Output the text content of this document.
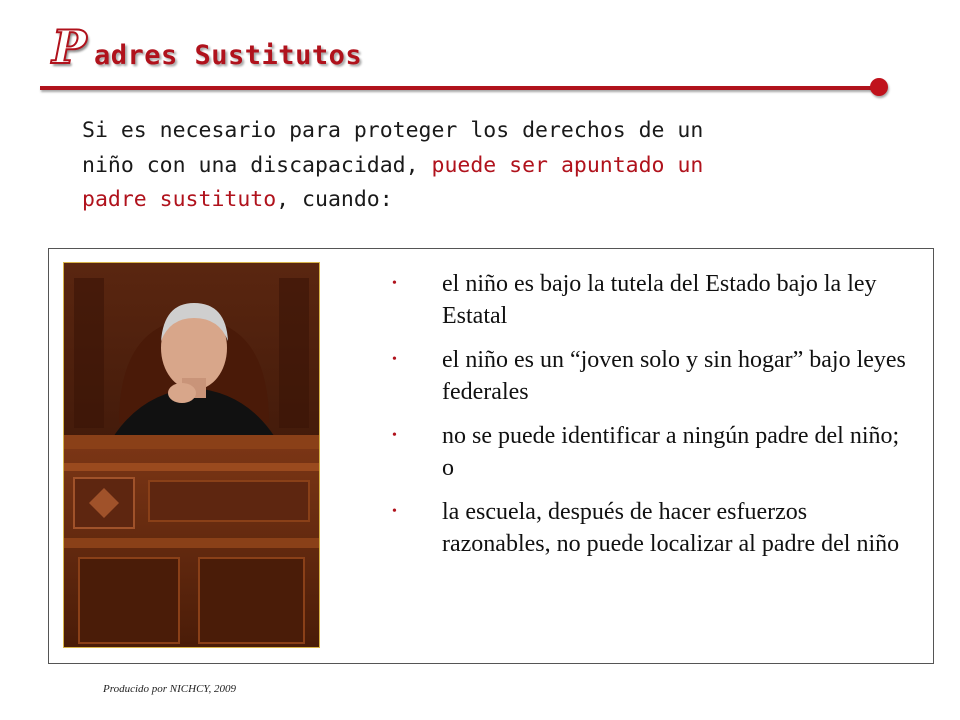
P adres Sustitutos
Si es necesario para proteger los derechos de un
niño con una discapacidad, puede ser apuntado un
padre sustituto, cuando:
• el niño es bajo la tutela del Estado bajo la ley Estatal
• el niño es un “joven solo y sin hogar” bajo leyes federales
• no se puede identificar a ningún padre del niño; o
• la escuela, después de hacer esfuerzos razonables, no puede localizar al padre del niño
Producido por NICHCY, 2009
